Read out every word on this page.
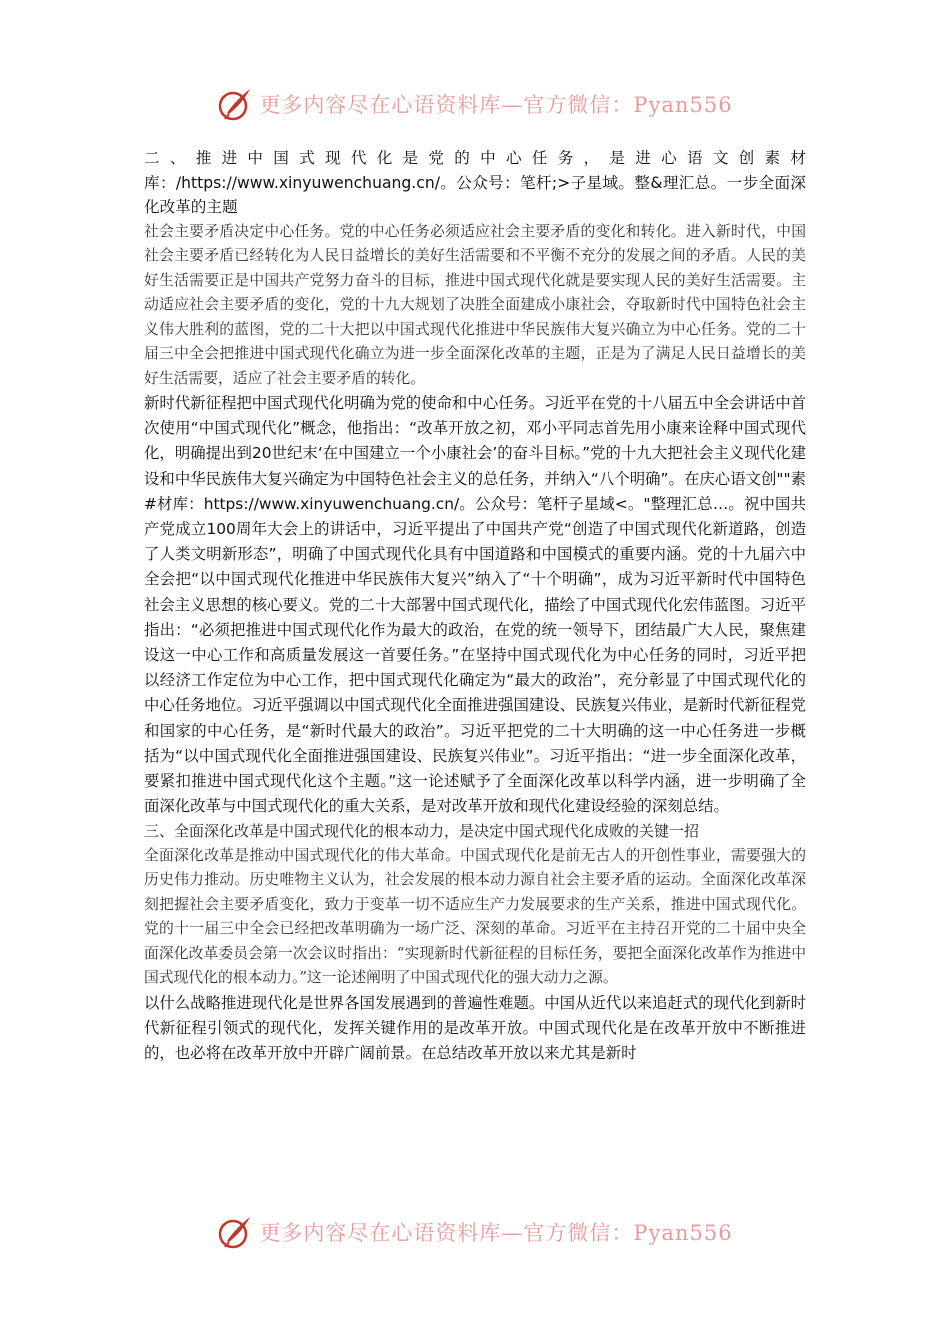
更多内容尽在心语资料库—官方微信：Pyan556

二、推进中国式现代化是党的中心任务，是进心语文创素材库：/https://www.xinyuwenchuang.cn/。公众号：笔杆;>子星域。整&理汇总。一步全面深化改革的主题

社会主要矛盾决定中心任务。党的中心任务必须适应社会主要矛盾的变化和转化。进入新时代，中国社会主要矛盾已经转化为人民日益增长的美好生活需要和不平衡不充分的发展之间的矛盾。人民的美好生活需要正是中国共产党努力奋斗的目标，推进中国式现代化就是要实现人民的美好生活需要。主动适应社会主要矛盾的变化，党的十九大规划了决胜全面建成小康社会，夺取新时代中国特色社会主义伟大胜利的蓝图，党的二十大把以中国式现代化推进中华民族伟大复兴确立为中心任务。党的二十届三中全会把推进中国式现代化确立为进一步全面深化改革的主题，正是为了满足人民日益增长的美好生活需要，适应了社会主要矛盾的转化。

新时代新征程把中国式现代化明确为党的使命和中心任务。习近平在党的十八届五中全会讲话中首次使用“中国式现代化”概念，他指出：“改革开放之初，邓小平同志首先用小康来诠释中国式现代化，明确提出到20世纪末‘在中国建立一个小康社会’的奋斗目标。”党的十九大把社会主义现代化建设和中华民族伟大复兴确定为中国特色社会主义的总任务，并纳入“八个明确”。在庆心语文创""素#材库：https://www.xinyuwenchuang.cn/。公众号：笔杆子星域<。"整理汇总…。祝中国共产党成立100周年大会上的讲话中，习近平提出了中国共产党“创造了中国式现代化新道路，创造了人类文明新形态”，明确了中国式现代化具有中国道路和中国模式的重要内涵。党的十九届六中全会把“以中国式现代化推进中华民族伟大复兴”纳入了“十个明确”，成为习近平新时代中国特色社会主义思想的核心要义。党的二十大部署中国式现代化，描绘了中国式现代化宏伟蓝图。习近平指出：“必须把推进中国式现代化作为最大的政治，在党的统一领导下，团结最广大人民，聚焦建设这一中心工作和高质量发展这一首要任务。”在坚持中国式现代化为中心任务的同时，习近平把以经济工作定位为中心工作，把中国式现代化确定为“最大的政治”，充分彰显了中国式现代化的中心任务地位。习近平强调以中国式现代化全面推进强国建设、民族复兴伟业，是新时代新征程党和国家的中心任务，是“新时代最大的政治”。习近平把党的二十大明确的这一中心任务进一步概括为“以中国式现代化全面推进强国建设、民族复兴伟业”。习近平指出：“进一步全面深化改革，要紧扣推进中国式现代化这个主题。”这一论述赋予了全面深化改革以科学内涵，进一步明确了全面深化改革与中国式现代化的重大关系，是对改革开放和现代化建设经验的深刻总结。

三、全面深化改革是中国式现代化的根本动力，是决定中国式现代化成败的关键一招

全面深化改革是推动中国式现代化的伟大革命。中国式现代化是前无古人的开创性事业，需要强大的历史伟力推动。历史唯物主义认为，社会发展的根本动力源自社会主要矛盾的运动。全面深化改革深刻把握社会主要矛盾变化，致力于变革一切不适应生产力发展要求的生产关系，推进中国式现代化。党的十一届三中全会已经把改革明确为一场广泛、深刻的革命。习近平在主持召开党的二十届中央全面深化改革委员会第一次会议时指出：“实现新时代新征程的目标任务，要把全面深化改革作为推进中国式现代化的根本动力。”这一论述阐明了中国式现代化的强大动力之源。

以什么战略推进现代化是世界各国发展遇到的普遍性难题。中国从近代以来追赶式的现代化到新时代新征程引领式的现代化，发挥关键作用的是改革开放。中国式现代化是在改革开放中不断推进的，也必将在改革开放中开辟广阔前景。在总结改革开放以来尤其是新时

更多内容尽在心语资料库—官方微信：Pyan556
